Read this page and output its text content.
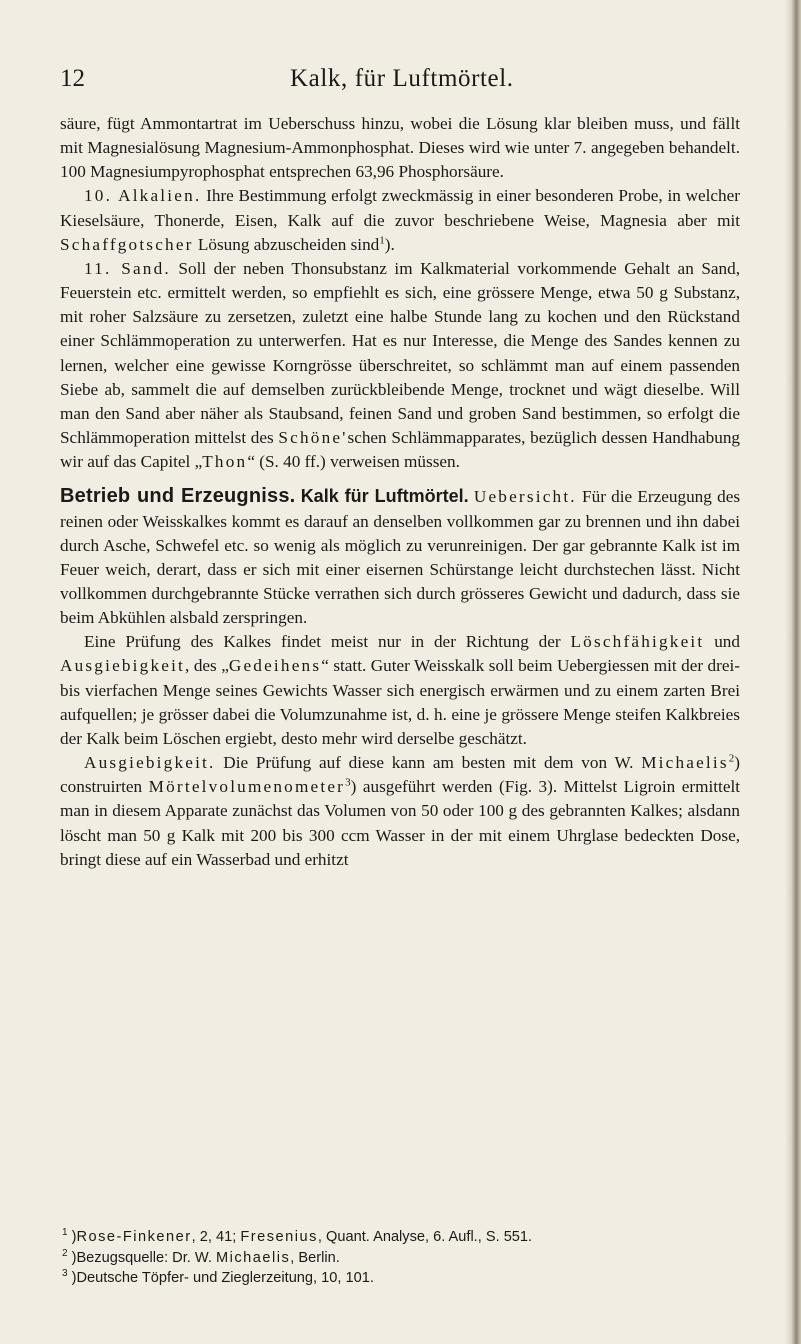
12	Kalk, für Luftmörtel.

säure, fügt Ammontartrat im Ueberschuss hinzu, wobei die Lösung klar bleiben muss, und fällt mit Magnesialösung Magnesium-Ammonphosphat. Dieses wird wie unter 7. angegeben behandelt. 100 Magnesiumpyrophosphat entsprechen 63,96 Phosphorsäure.

10. Alkalien. Ihre Bestimmung erfolgt zweckmässig in einer besonderen Probe, in welcher Kieselsäure, Thonerde, Eisen, Kalk auf die zuvor beschriebene Weise, Magnesia aber mit Schaffgotscher Lösung abzuscheiden sind$^1$).

11. Sand. Soll der neben Thonsubstanz im Kalkmaterial vorkommende Gehalt an Sand, Feuerstein etc. ermittelt werden, so empfiehlt es sich, eine grössere Menge, etwa 50 g Substanz, mit roher Salzsäure zu zersetzen, zuletzt eine halbe Stunde lang zu kochen und den Rückstand einer Schlämmoperation zu unterwerfen. Hat es nur Interesse, die Menge des Sandes kennen zu lernen, welcher eine gewisse Korngrösse überschreitet, so schlämmt man auf einem passenden Siebe ab, sammelt die auf demselben zurückbleibende Menge, trocknet und wägt dieselbe. Will man den Sand aber näher als Staubsand, feinen Sand und groben Sand bestimmen, so erfolgt die Schlämmoperation mittelst des Schöne'schen Schlämmapparates, bezüglich dessen Handhabung wir auf das Capitel „Thon“ (S. 40 ff.) verweisen müssen.

Betrieb und Erzeugniss. Kalk für Luftmörtel. Uebersicht. Für die Erzeugung des reinen oder Weisskalkes kommt es darauf an denselben vollkommen gar zu brennen und ihn dabei durch Asche, Schwefel etc. so wenig als möglich zu verunreinigen. Der gar gebrannte Kalk ist im Feuer weich, derart, dass er sich mit einer eisernen Schürstange leicht durchstechen lässt. Nicht vollkommen durchgebrannte Stücke verrathen sich durch grösseres Gewicht und dadurch, dass sie beim Abkühlen alsbald zerspringen.

Eine Prüfung des Kalkes findet meist nur in der Richtung der Löschfähigkeit und Ausgiebigkeit, des „Gedeihens“ statt. Guter Weisskalk soll beim Uebergiessen mit der drei- bis vierfachen Menge seines Gewichts Wasser sich energisch erwärmen und zu einem zarten Brei aufquellen; je grösser dabei die Volumzunahme ist, d. h. eine je grössere Menge steifen Kalkbreies der Kalk beim Löschen ergiebt, desto mehr wird derselbe geschätzt.

Ausgiebigkeit. Die Prüfung auf diese kann am besten mit dem von W. Michaelis$^2$) construirten Mörtelvolumenometer$^3$) ausgeführt werden (Fig. 3). Mittelst Ligroin ermittelt man in diesem Apparate zunächst das Volumen von 50 oder 100 g des gebrannten Kalkes; alsdann löscht man 50 g Kalk mit 200 bis 300 ccm Wasser in der mit einem Uhrglase bedeckten Dose, bringt diese auf ein Wasserbad und erhitzt

$^1$ )Rose-Finkener, 2, 41; Fresenius, Quant. Analyse, 6. Aufl., S. 551.

$^2$ )Bezugsquelle: Dr. W. Michaelis, Berlin.

$^3$ )Deutsche Töpfer- und Zieglerzeitung, 10, 101.
